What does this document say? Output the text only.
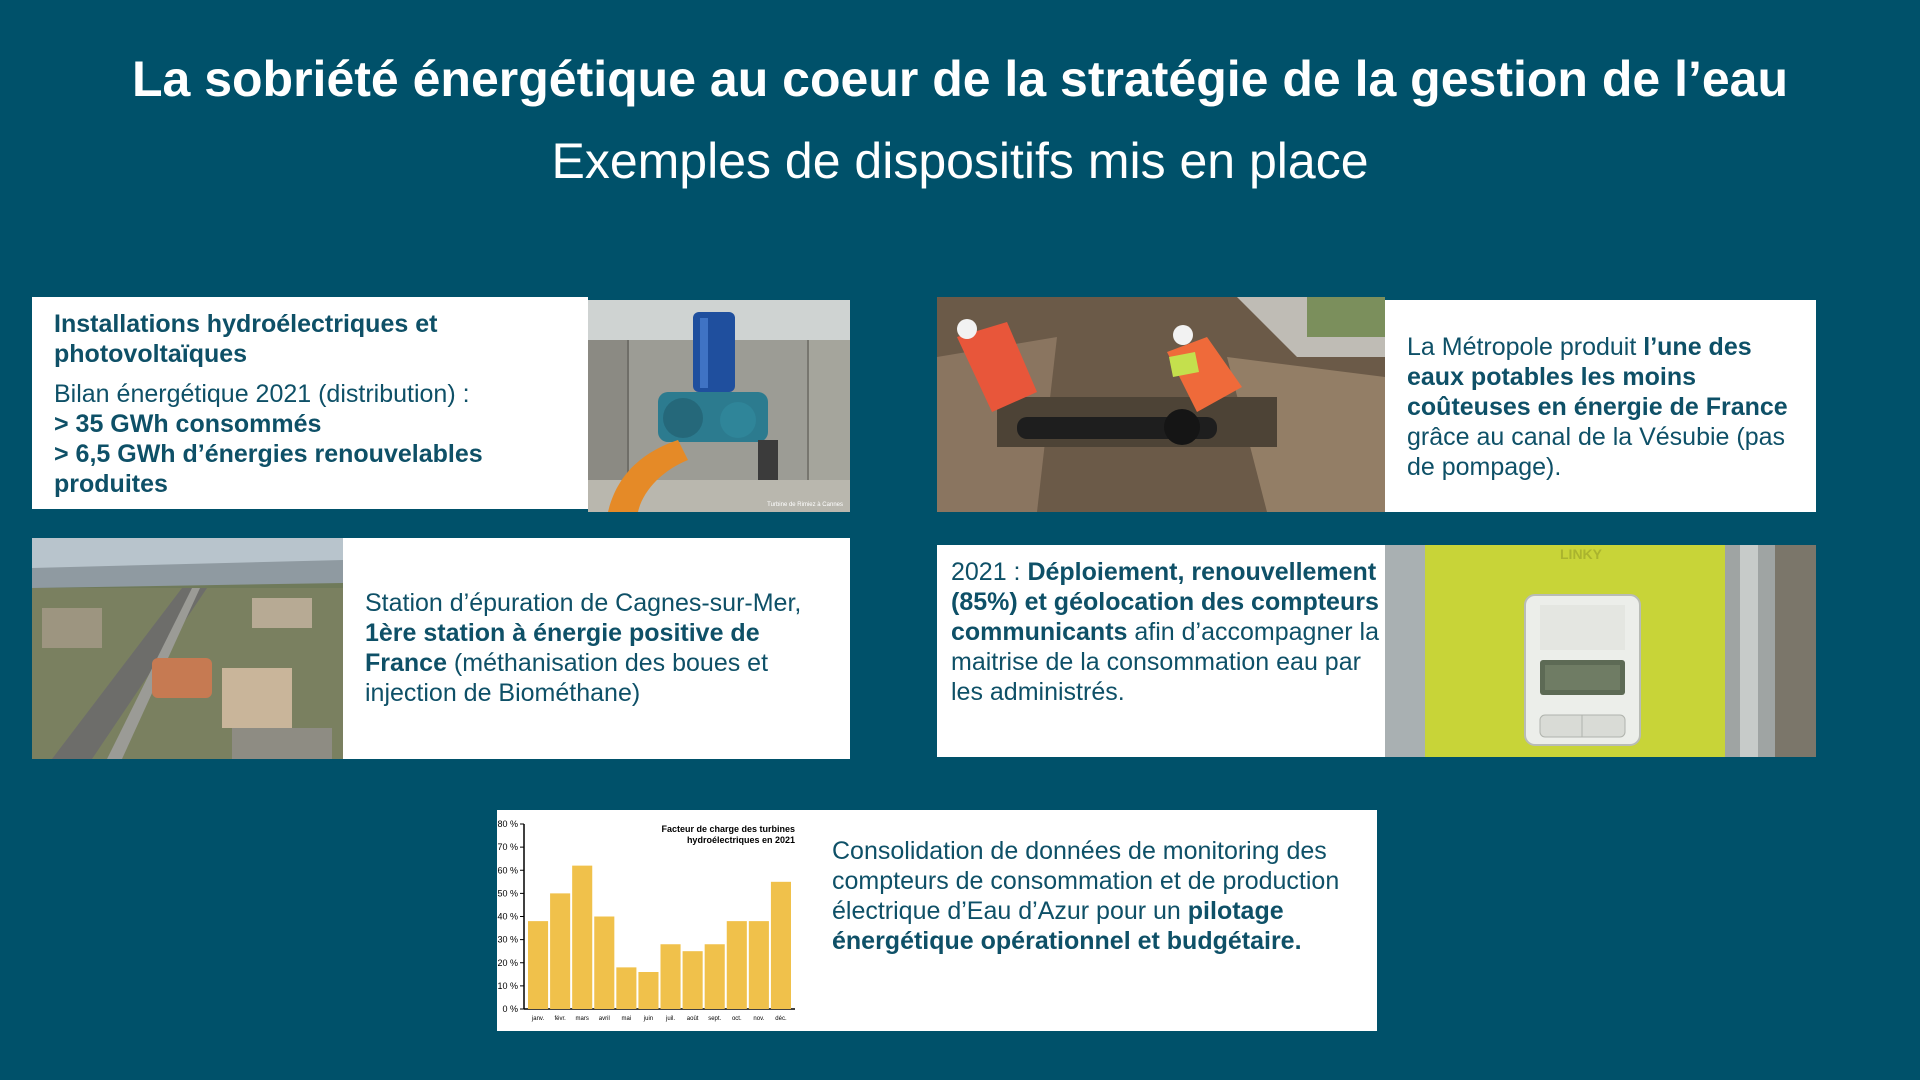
La sobriété énergétique au coeur de la stratégie de la gestion de l’eau
Exemples de dispositifs mis en place
Installations hydroélectriques et photovoltaïques
Bilan énergétique 2021 (distribution) :
> 35 GWh consommés
> 6,5 GWh d’énergies renouvelables produites
Turbine de Rimiez à Cannes
La Métropole produit l’une des eaux potables les moins coûteuses en énergie de France grâce au canal de la Vésubie (pas de pompage).
Station d’épuration de Cagnes-sur-Mer, 1ère station à énergie positive de France (méthanisation des boues et injection de Biométhane)
2021 : Déploiement, renouvellement (85%) et géolocation des compteurs communicants afin d’accompagner la maitrise de la consommation eau par les administrés.
LINKY
0 %
10 %
20 %
30 %
40 %
50 %
60 %
70 %
80 %
janv. févr. mars avril mai juin juil. août sept. oct. nov. déc.
Facteur de charge des turbines
hydroélectriques en 2021 Consolidation de données de monitoring des compteurs de consommation et de production électrique d’Eau d’Azur pour un pilotage énergétique opérationnel et budgétaire.
